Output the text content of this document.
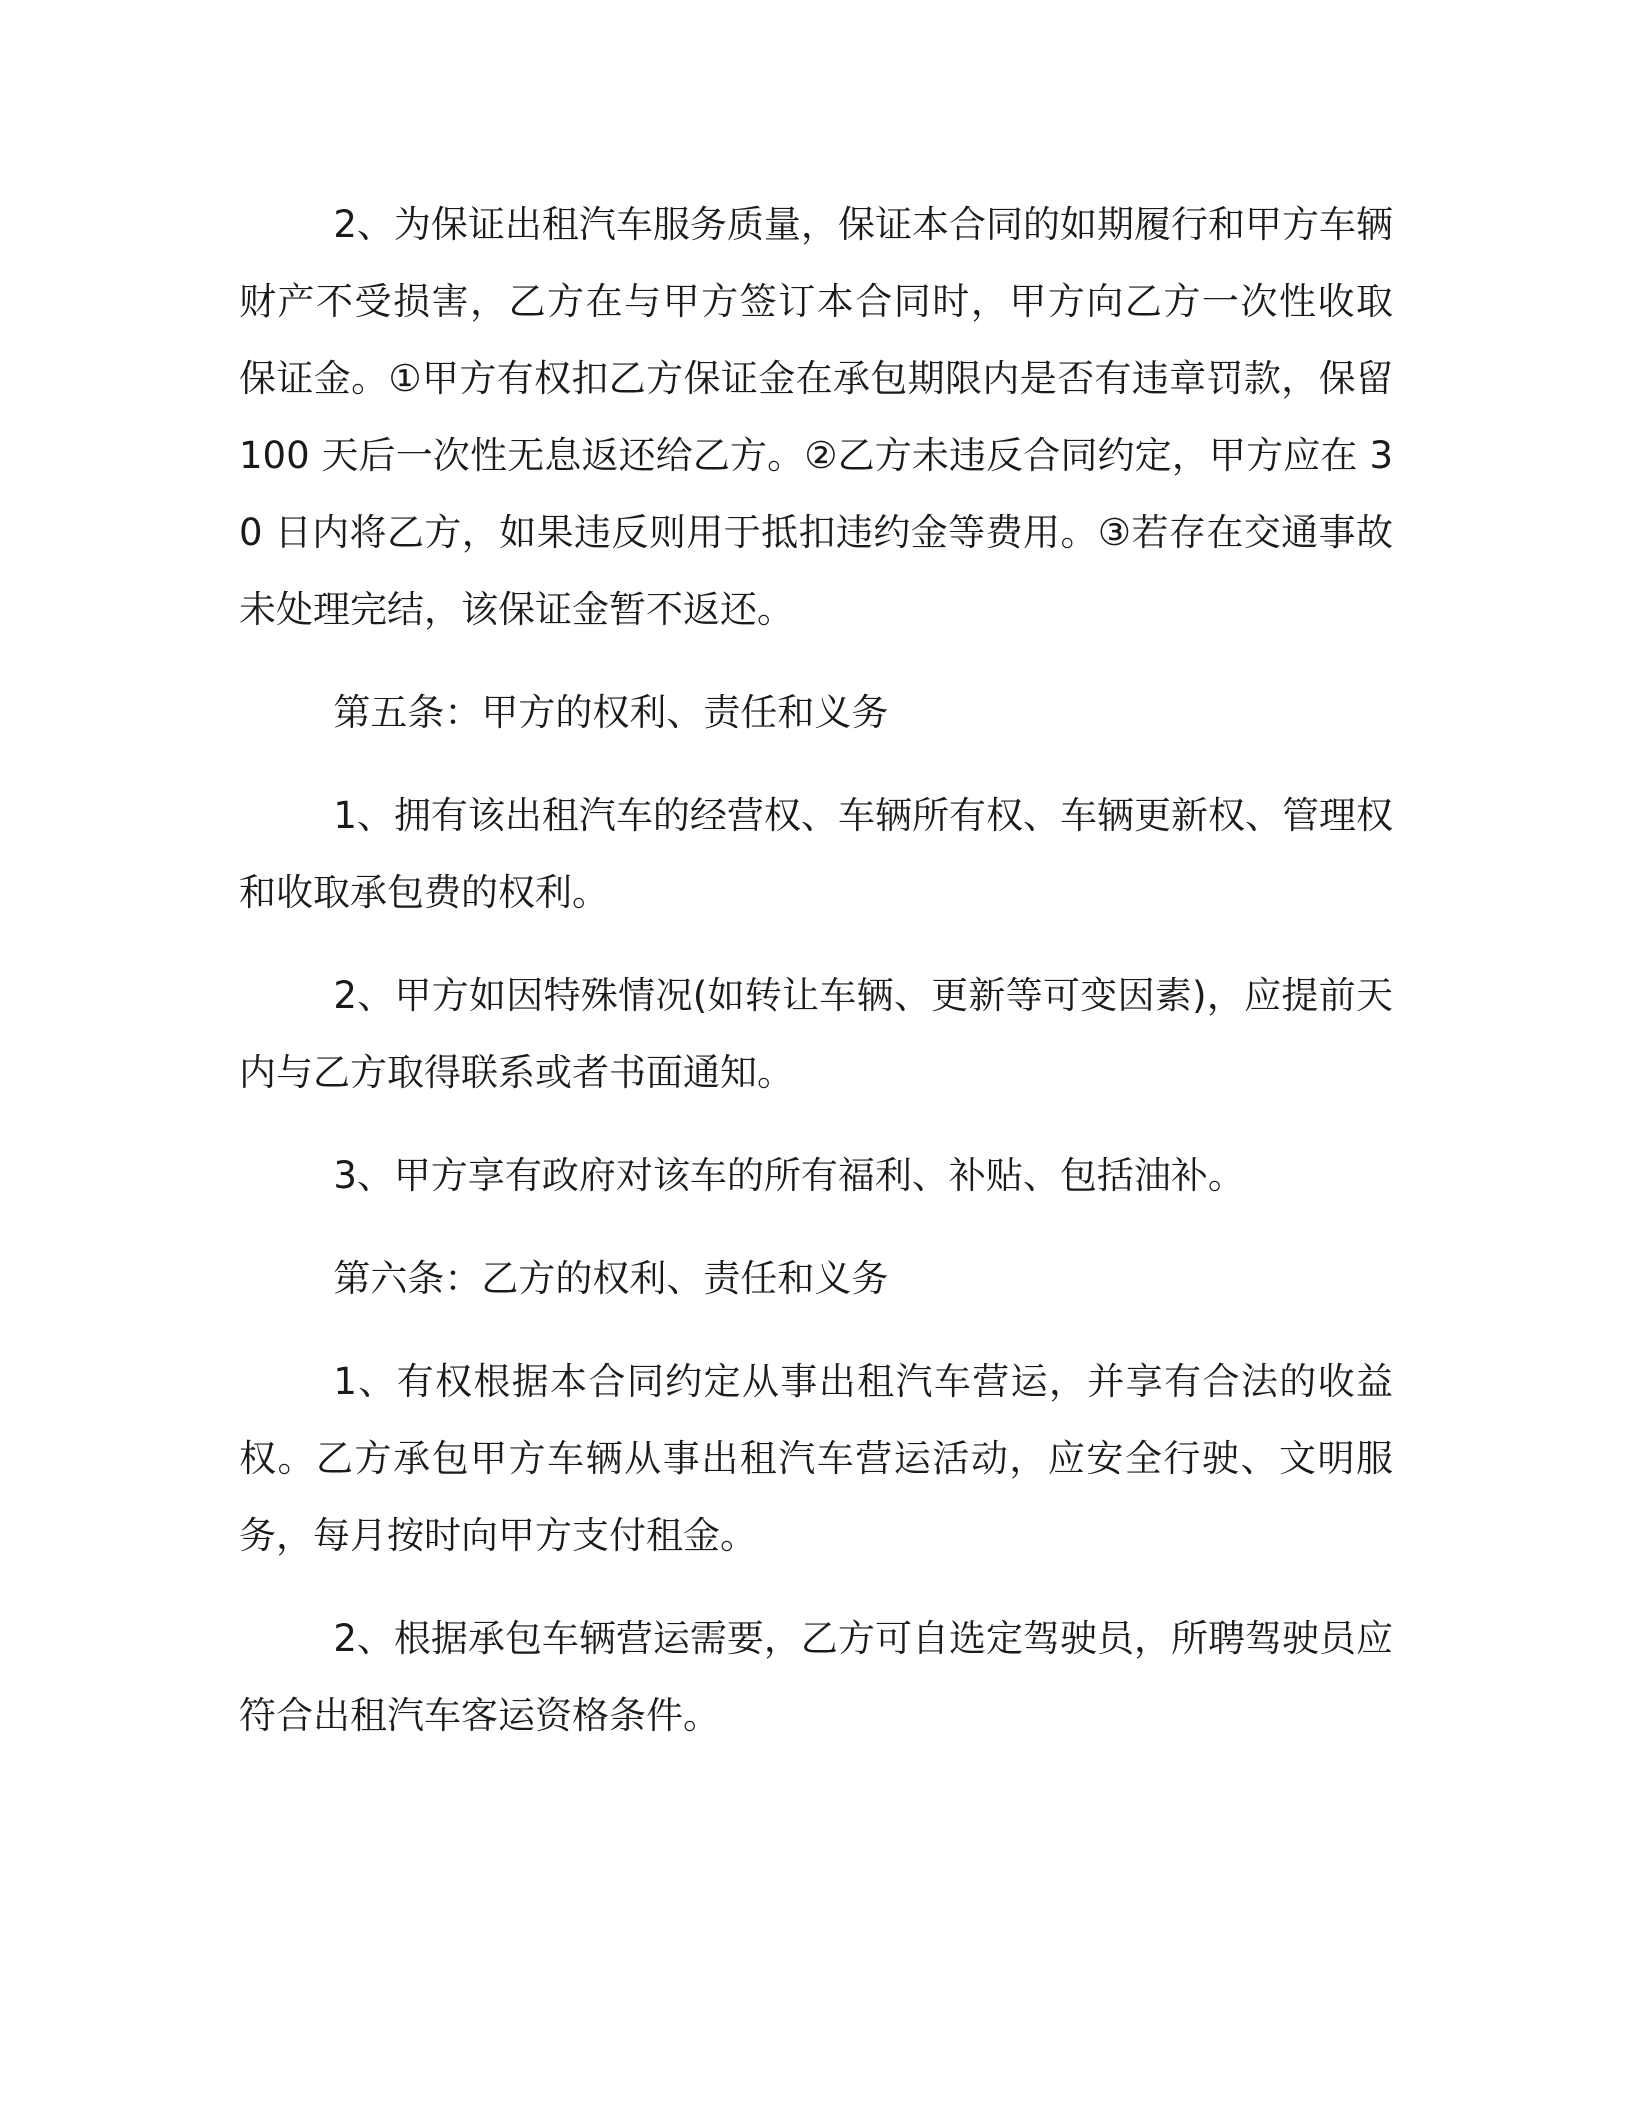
2、为保证出租汽车服务质量，保证本合同的如期履行和甲方车辆财产不受损害，乙方在与甲方签订本合同时，甲方向乙方一次性收取 保证金。①甲方有权扣乙方保证金在承包期限内是否有违章罚款，保留 100 天后一次性无息返还给乙方。②乙方未违反合同约定，甲方应在 30 日内将乙方，如果违反则用于抵扣违约金等费用。③若存在交通事故未处理完结，该保证金暂不返还。

第五条：甲方的权利、责任和义务

1、拥有该出租汽车的经营权、车辆所有权、车辆更新权、管理权和收取承包费的权利。

2、甲方如因特殊情况(如转让车辆、更新等可变因素)，应提前天内与乙方取得联系或者书面通知。

3、甲方享有政府对该车的所有福利、补贴、包括油补。

第六条：乙方的权利、责任和义务

1、有权根据本合同约定从事出租汽车营运，并享有合法的收益权。乙方承包甲方车辆从事出租汽车营运活动，应安全行驶、文明服务，每月按时向甲方支付租金。

2、根据承包车辆营运需要，乙方可自选定驾驶员，所聘驾驶员应符合出租汽车客运资格条件。
